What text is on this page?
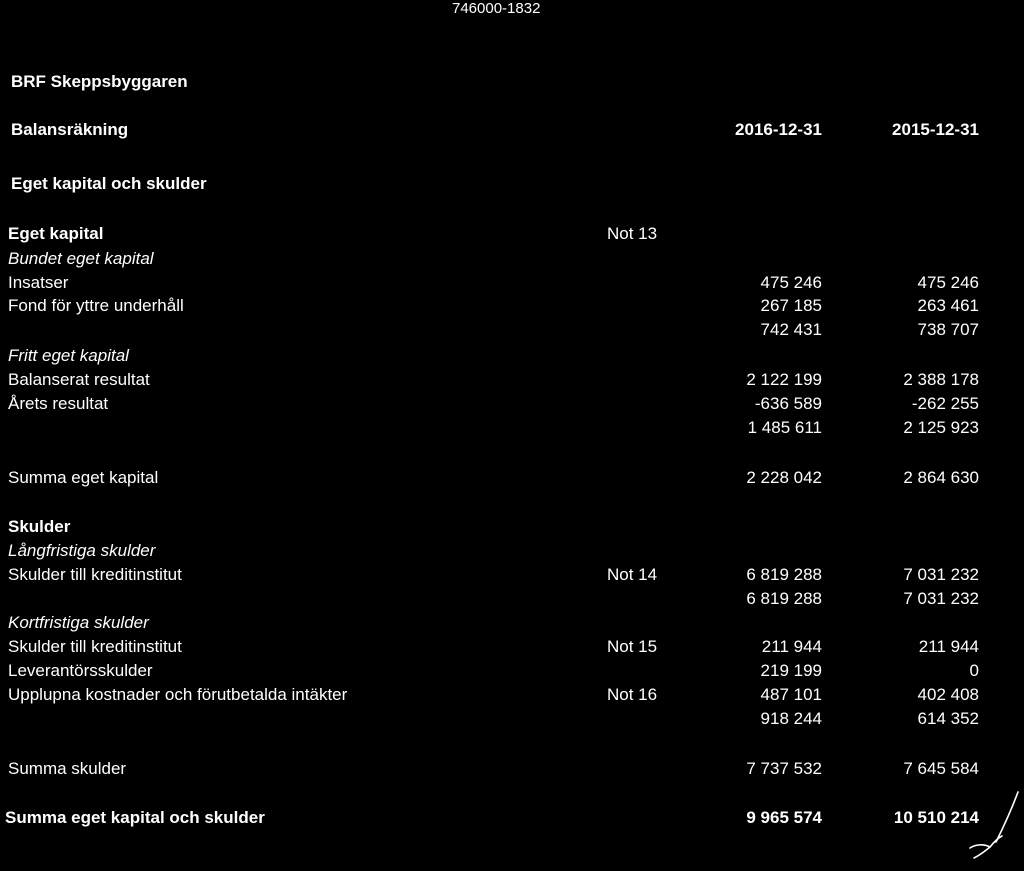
746000-1832
BRF Skeppsbyggaren
Balansräkning	2016-12-31	2015-12-31
Eget kapital och skulder
Eget kapital	Not 13
Bundet eget kapital
Insatser	475 246	475 246
Fond för yttre underhåll	267 185	263 461
742 431	738 707
Fritt eget kapital
Balanserat resultat	2 122 199	2 388 178
Årets resultat	-636 589	-262 255
1 485 611	2 125 923
Summa eget kapital	2 228 042	2 864 630
Skulder
Långfristiga skulder
Skulder till kreditinstitut	Not 14	6 819 288	7 031 232
6 819 288	7 031 232
Kortfristiga skulder
Skulder till kreditinstitut	Not 15	211 944	211 944
Leverantörsskulder	219 199	0
Upplupna kostnader och förutbetalda intäkter	Not 16	487 101	402 408
918 244	614 352
Summa skulder	7 737 532	7 645 584
Summa eget kapital och skulder	9 965 574	10 510 214
